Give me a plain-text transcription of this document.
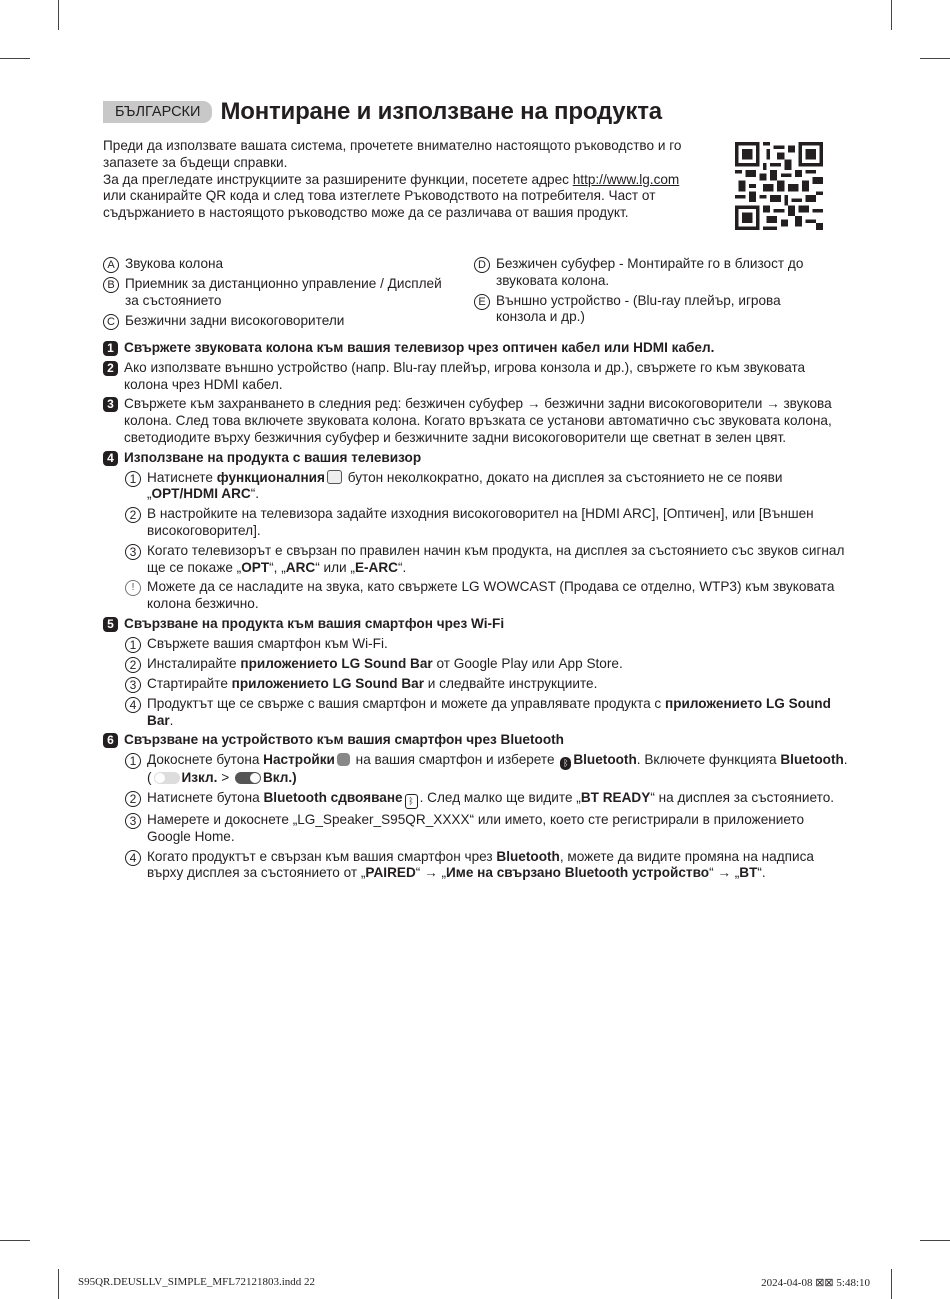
БЪЛГАРСКИ Монтиране и използване на продукта
Преди да използвате вашата система, прочетете внимателно настоящото ръководство и го запазете за бъдещи справки.
За да прегледате инструкциите за разширените функции, посетете адрес http://www.lg.com или сканирайте QR кода и след това изтеглете Ръководството на потребителя. Част от съдържанието в настоящото ръководство може да се различава от вашия продукт.
A Звукова колона
B Приемник за дистанционно управление / Дисплей за състоянието
C Безжични задни високоговорители
D Безжичен субуфер - Монтирайте го в близост до звуковата колона.
E Външно устройство - (Blu-ray плейър, игрова конзола и др.)
1 Свържете звуковата колона към вашия телевизор чрез оптичен кабел или HDMI кабел.
2 Ако използвате външно устройство (напр. Blu-ray плейър, игрова конзола и др.), свържете го към звуковата колона чрез HDMI кабел.
3 Свържете към захранването в следния ред: безжичен субуфер → безжични задни високоговорители → звукова колона. След това включете звуковата колона. Когато връзката се установи автоматично със звуковата колона, светодиодите върху безжичния субуфер и безжичните задни високоговорители ще светнат в зелен цвят.
4 Използване на продукта с вашия телевизор
1 Натиснете функционалния бутон неколкократно, докато на дисплея за състоянието не се появи „OPT/HDMI ARC“.
2 В настройките на телевизора задайте изходния високоговорител на [HDMI ARC], [Оптичен], или [Външен високоговорител].
3 Когато телевизорът е свързан по правилен начин към продукта, на дисплея за състоянието със звуков сигнал ще се покаже „OPT“, „ARC“ или „E-ARC“.
! Можете да се насладите на звука, като свържете LG WOWCAST (Продава се отделно, WTP3) към звуковата колона безжично.
5 Свързване на продукта към вашия смартфон чрез Wi-Fi
1 Свържете вашия смартфон към Wi-Fi.
2 Инсталирайте приложението LG Sound Bar от Google Play или App Store.
3 Стартирайте приложението LG Sound Bar и следвайте инструкциите.
4 Продуктът ще се свърже с вашия смартфон и можете да управлявате продукта с приложението LG Sound Bar.
6 Свързване на устройството към вашия смартфон чрез Bluetooth
1 Докоснете бутона Настройки на вашия смартфон и изберете ᛒ Bluetooth. Включете функцията Bluetooth. ( Изкл. > Вкл.)
2 Натиснете бутона Bluetooth сдвояване ᛒ . След малко ще видите „BT READY“ на дисплея за състоянието.
3 Намерете и докоснете „LG_Speaker_S95QR_XXXX“ или името, което сте регистрирали в приложението Google Home.
4 Когато продуктът е свързан към вашия смартфон чрез Bluetooth, можете да видите промяна на надписа върху дисплея за състоянието от „PAIRED“ → „Име на свързано Bluetooth устройство“ → „BT“.
S95QR.DEUSLLV_SIMPLE_MFL72121803.indd 22	2024-04-08 ⊠⊠ 5:48:10
